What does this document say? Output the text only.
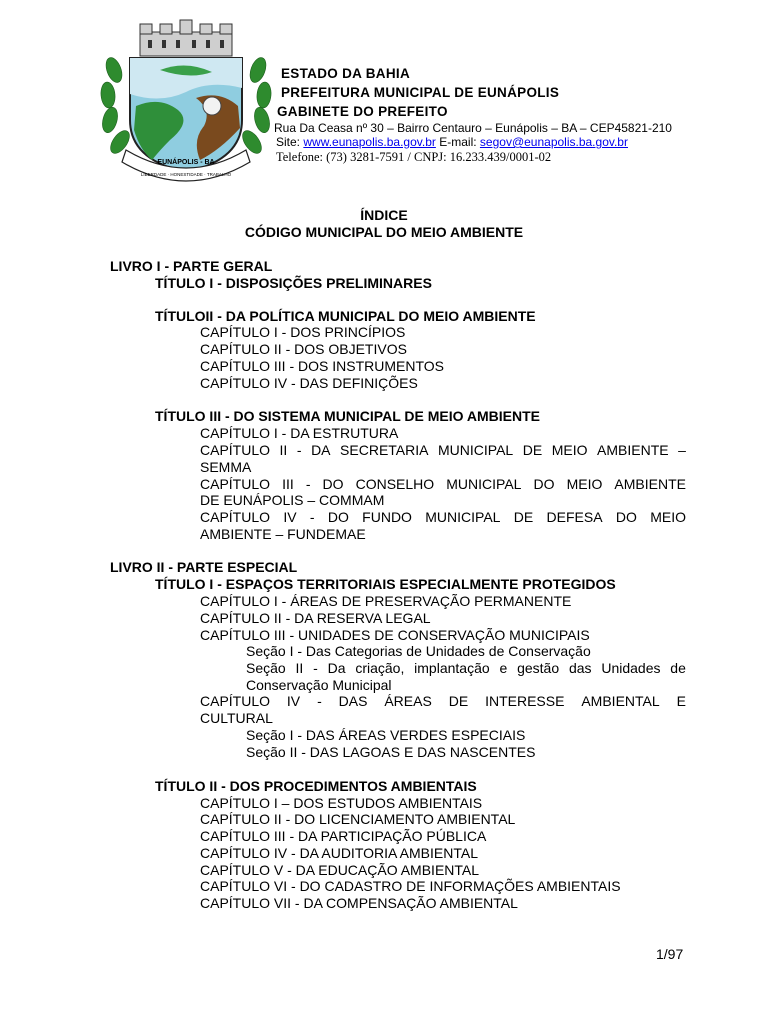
EUNÁPOLIS - BA
LIBERDADE · HONESTIDADE · TRABALHO
ESTADO DA BAHIA
PREFEITURA MUNICIPAL DE EUNÁPOLIS
GABINETE DO PREFEITO
Rua Da Ceasa nº 30 – Bairro Centauro – Eunápolis – BA – CEP45821-210
Site: www.eunapolis.ba.gov.br E-mail: segov@eunapolis.ba.gov.br
Telefone: (73) 3281-7591 / CNPJ: 16.233.439/0001-02
ÍNDICE
CÓDIGO MUNICIPAL DO MEIO AMBIENTE
LIVRO I - PARTE GERAL
TÍTULO I - DISPOSIÇÕES PRELIMINARES
TÍTULOII - DA POLÍTICA MUNICIPAL DO MEIO AMBIENTE
CAPÍTULO I - DOS PRINCÍPIOS
CAPÍTULO II - DOS OBJETIVOS
CAPÍTULO III - DOS INSTRUMENTOS
CAPÍTULO IV - DAS DEFINIÇÕES
TÍTULO III - DO SISTEMA MUNICIPAL DE MEIO AMBIENTE
CAPÍTULO I - DA ESTRUTURA
CAPÍTULO II - DA SECRETARIA MUNICIPAL DE MEIO AMBIENTE –
SEMMA
CAPÍTULO III - DO CONSELHO MUNICIPAL DO MEIO AMBIENTE
DE EUNÁPOLIS – COMMAM
CAPÍTULO IV - DO FUNDO MUNICIPAL DE DEFESA DO MEIO
AMBIENTE – FUNDEMAE
LIVRO II - PARTE ESPECIAL
TÍTULO I - ESPAÇOS TERRITORIAIS ESPECIALMENTE PROTEGIDOS
CAPÍTULO I - ÁREAS DE PRESERVAÇÃO PERMANENTE
CAPÍTULO II - DA RESERVA LEGAL
CAPÍTULO III - UNIDADES DE CONSERVAÇÃO MUNICIPAIS
Seção I - Das Categorias de Unidades de Conservação
Seção II - Da criação, implantação e gestão das Unidades de
Conservação Municipal
CAPÍTULO IV - DAS ÁREAS DE INTERESSE AMBIENTAL E
CULTURAL
Seção I - DAS ÁREAS VERDES ESPECIAIS
Seção II - DAS LAGOAS E DAS NASCENTES
TÍTULO II - DOS PROCEDIMENTOS AMBIENTAIS
CAPÍTULO I – DOS ESTUDOS AMBIENTAIS
CAPÍTULO II - DO LICENCIAMENTO AMBIENTAL
CAPÍTULO III - DA PARTICIPAÇÃO PÚBLICA
CAPÍTULO IV - DA AUDITORIA AMBIENTAL
CAPÍTULO V - DA EDUCAÇÃO AMBIENTAL
CAPÍTULO VI - DO CADASTRO DE INFORMAÇÕES AMBIENTAIS
CAPÍTULO VII - DA COMPENSAÇÃO AMBIENTAL
1/97
